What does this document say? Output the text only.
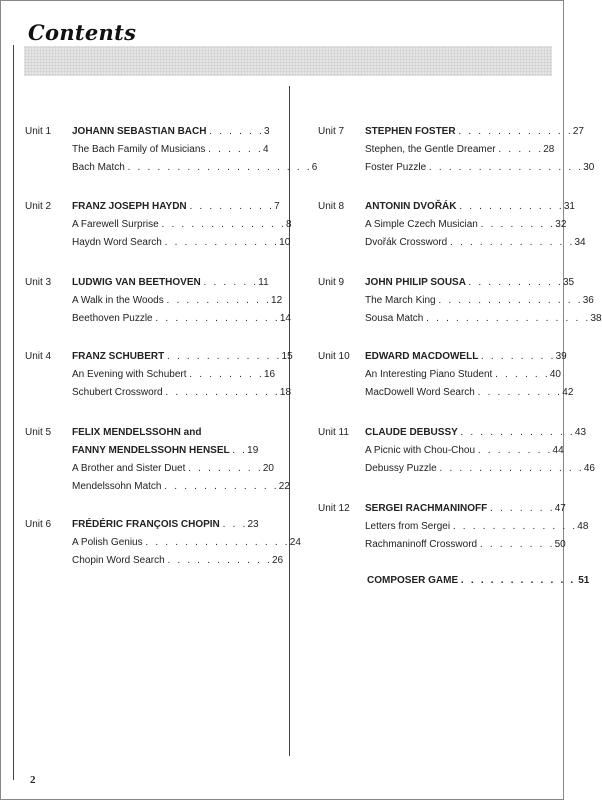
Contents
Unit 1 JOHANN SEBASTIAN BACH . . . . . .3
The Bach Family of Musicians . . . . . .4
Bach Match . . . . . . . . . . . . . . . . . . .6
Unit 2 FRANZ JOSEPH HAYDN . . . . . . . . .7
A Farewell Surprise . . . . . . . . . . . . .8
Haydn Word Search . . . . . . . . . . . .10
Unit 3 LUDWIG VAN BEETHOVEN . . . . . .11
A Walk in the Woods . . . . . . . . . . .12
Beethoven Puzzle . . . . . . . . . . . . .14
Unit 4 FRANZ SCHUBERT . . . . . . . . . . . .15
An Evening with Schubert . . . . . . . .16
Schubert Crossword . . . . . . . . . . . .18
Unit 5 FELIX MENDELSSOHN and
FANNY MENDELSSOHN HENSEL . .19
A Brother and Sister Duet . . . . . . . .20
Mendelssohn Match . . . . . . . . . . . .22
Unit 6 FRÉDÉRIC FRANÇOIS CHOPIN . . .23
A Polish Genius . . . . . . . . . . . . . . .24
Chopin Word Search . . . . . . . . . . .26
Unit 7 STEPHEN FOSTER . . . . . . . . . . . .27
Stephen, the Gentle Dreamer . . . . .28
Foster Puzzle . . . . . . . . . . . . . . . .30
Unit 8 ANTONIN DVOŘÁK . . . . . . . . . . .31
A Simple Czech Musician . . . . . . . .32
Dvořák Crossword . . . . . . . . . . . . .34
Unit 9 JOHN PHILIP SOUSA . . . . . . . . . .35
The March King . . . . . . . . . . . . . . .36
Sousa Match . . . . . . . . . . . . . . . . .38
Unit 10 EDWARD MACDOWELL . . . . . . . .39
An Interesting Piano Student . . . . . .40
MacDowell Word Search . . . . . . . . .42
Unit 11 CLAUDE DEBUSSY . . . . . . . . . . . .43
A Picnic with Chou-Chou . . . . . . . .44
Debussy Puzzle . . . . . . . . . . . . . . .46
Unit 12 SERGEI RACHMANINOFF . . . . . . .47
Letters from Sergei . . . . . . . . . . . . .48
Rachmaninoff Crossword . . . . . . . .50
COMPOSER GAME . . . . . . . . . . . . 51
2
